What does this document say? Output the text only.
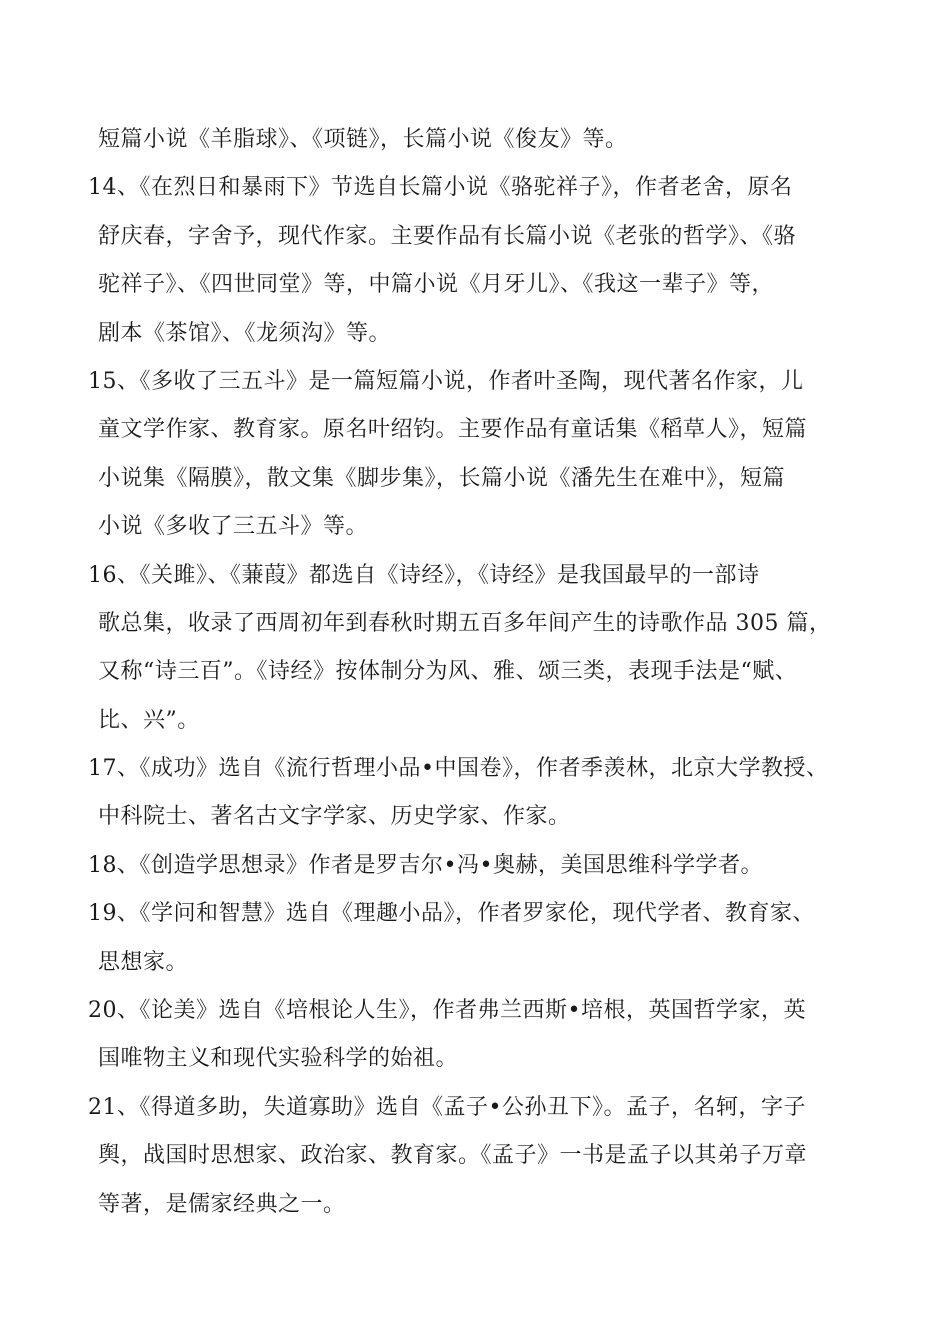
短篇小说《羊脂球》、《项链》，长篇小说《俊友》等。
14、《在烈日和暴雨下》节选自长篇小说《骆驼祥子》，作者老舍，原名
舒庆春，字舍予，现代作家。主要作品有长篇小说《老张的哲学》、《骆
驼祥子》、《四世同堂》等，中篇小说《月牙儿》、《我这一辈子》等，
剧本《茶馆》、《龙须沟》等。
15、《多收了三五斗》是一篇短篇小说，作者叶圣陶，现代著名作家，儿
童文学作家、教育家。原名叶绍钧。主要作品有童话集《稻草人》，短篇
小说集《隔膜》，散文集《脚步集》，长篇小说《潘先生在难中》，短篇
小说《多收了三五斗》等。
16、《关雎》、《蒹葭》都选自《诗经》，《诗经》是我国最早的一部诗
歌总集，收录了西周初年到春秋时期五百多年间产生的诗歌作品 305 篇，
又称“诗三百”。《诗经》按体制分为风、雅、颂三类，表现手法是“赋、
比、兴”。
17、《成功》选自《流行哲理小品•中国卷》，作者季羡林，北京大学教授、
中科院士、著名古文字学家、历史学家、作家。
18、《创造学思想录》作者是罗吉尔•冯•奥赫，美国思维科学学者。
19、《学问和智慧》选自《理趣小品》，作者罗家伦，现代学者、教育家、
思想家。
20、《论美》选自《培根论人生》，作者弗兰西斯•培根，英国哲学家，英
国唯物主义和现代实验科学的始祖。
21、《得道多助，失道寡助》选自《孟子•公孙丑下》。孟子，名轲，字子
舆，战国时思想家、政治家、教育家。《孟子》一书是孟子以其弟子万章
等著，是儒家经典之一。
